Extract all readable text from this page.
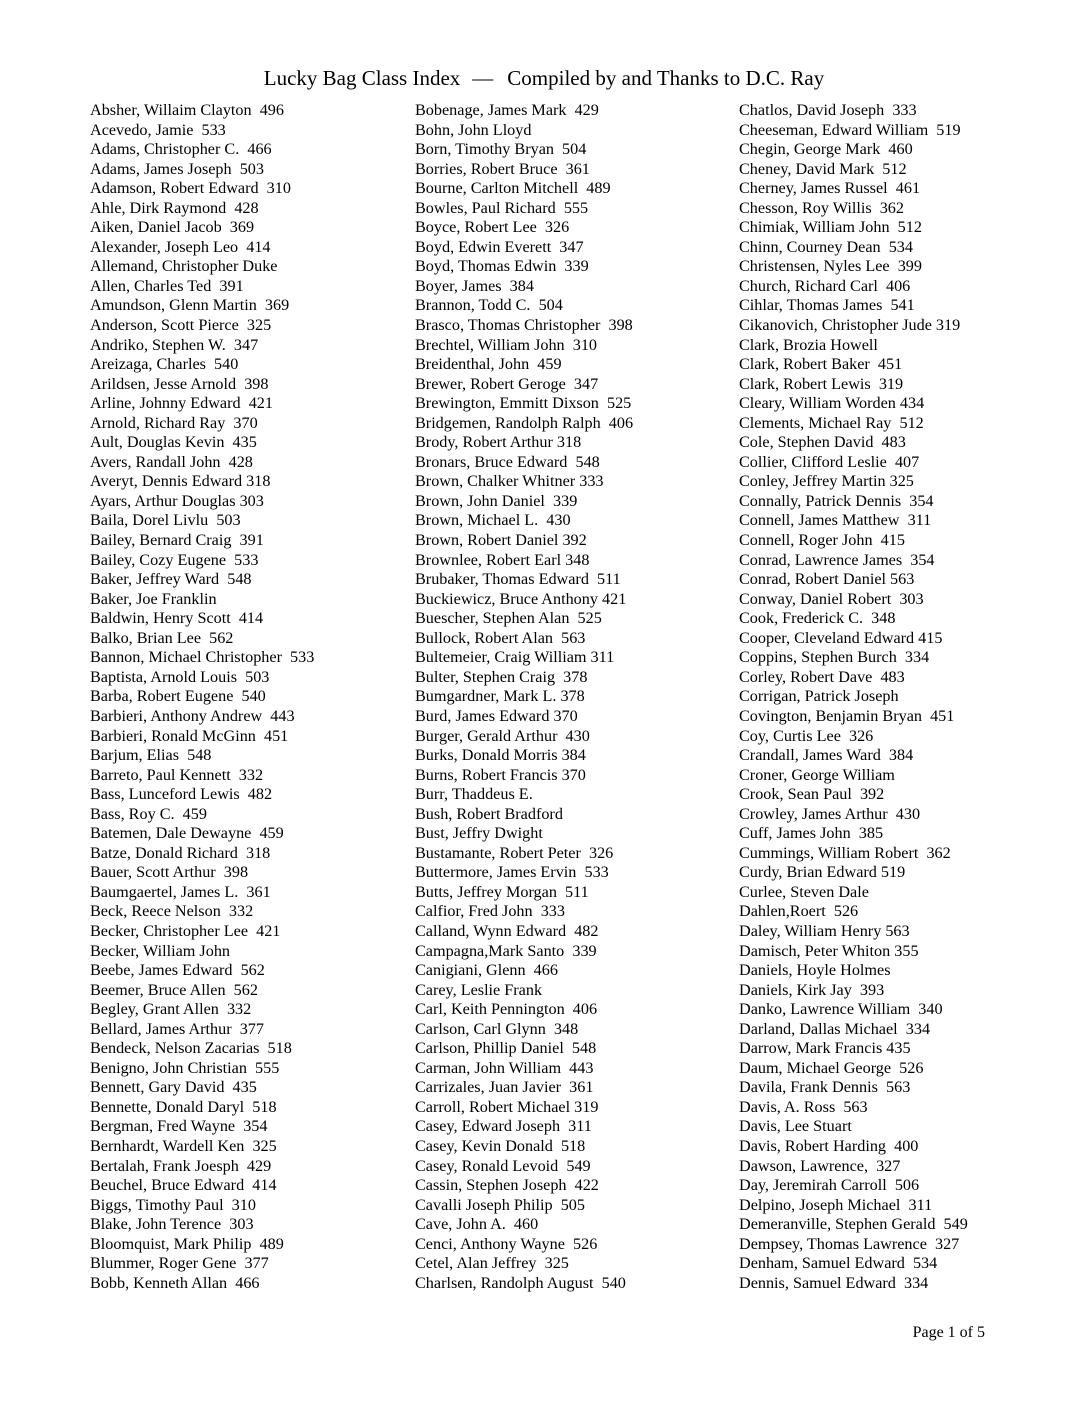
Lucky Bag Class Index — Compiled by and Thanks to D.C. Ray
Absher, Willaim Clayton  496
Acevedo, Jamie  533
Adams, Christopher C.  466
Adams, James Joseph  503
Adamson, Robert Edward  310
Ahle, Dirk Raymond  428
Aiken, Daniel Jacob  369
Alexander, Joseph Leo  414
Allemand, Christopher Duke
Allen, Charles Ted  391
Amundson, Glenn Martin  369
Anderson, Scott Pierce  325
Andriko, Stephen W.  347
Areizaga, Charles  540
Arildsen, Jesse Arnold  398
Arline, Johnny Edward  421
Arnold, Richard Ray  370
Ault, Douglas Kevin  435
Avers, Randall John  428
Averyt, Dennis Edward 318
Ayars, Arthur Douglas 303
Baila, Dorel Livlu  503
Bailey, Bernard Craig  391
Bailey, Cozy Eugene  533
Baker, Jeffrey Ward  548
Baker, Joe Franklin
Baldwin, Henry Scott  414
Balko, Brian Lee  562
Bannon, Michael Christopher  533
Baptista, Arnold Louis  503
Barba, Robert Eugene  540
Barbieri, Anthony Andrew  443
Barbieri, Ronald McGinn  451
Barjum, Elias  548
Barreto, Paul Kennett  332
Bass, Lunceford Lewis  482
Bass, Roy C.  459
Batemen, Dale Dewayne  459
Batze, Donald Richard  318
Bauer, Scott Arthur  398
Baumgaertel, James L.  361
Beck, Reece Nelson  332
Becker, Christopher Lee  421
Becker, William John
Beebe, James Edward  562
Beemer, Bruce Allen  562
Begley, Grant Allen  332
Bellard, James Arthur  377
Bendeck, Nelson Zacarias  518
Benigno, John Christian  555
Bennett, Gary David  435
Bennette, Donald Daryl  518
Bergman, Fred Wayne  354
Bernhardt, Wardell Ken  325
Bertalah, Frank Joesph  429
Beuchel, Bruce Edward  414
Biggs, Timothy Paul  310
Blake, John Terence  303
Bloomquist, Mark Philip  489
Blummer, Roger Gene  377
Bobb, Kenneth Allan  466
Bobenage, James Mark  429
Bohn, John Lloyd
Born, Timothy Bryan  504
Borries, Robert Bruce  361
Bourne, Carlton Mitchell  489
Bowles, Paul Richard  555
Boyce, Robert Lee  326
Boyd, Edwin Everett  347
Boyd, Thomas Edwin  339
Boyer, James  384
Brannon, Todd C.  504
Brasco, Thomas Christopher  398
Brechtel, William John  310
Breidenthal, John  459
Brewer, Robert Geroge  347
Brewington, Emmitt Dixson  525
Bridgemen, Randolph Ralph  406
Brody, Robert Arthur 318
Bronars, Bruce Edward  548
Brown, Chalker Whitner 333
Brown, John Daniel  339
Brown, Michael L.  430
Brown, Robert Daniel 392
Brownlee, Robert Earl 348
Brubaker, Thomas Edward  511
Buckiewicz, Bruce Anthony 421
Buescher, Stephen Alan  525
Bullock, Robert Alan  563
Bultemeier, Craig William 311
Bulter, Stephen Craig  378
Bumgardner, Mark L. 378
Burd, James Edward 370
Burger, Gerald Arthur  430
Burks, Donald Morris 384
Burns, Robert Francis 370
Burr, Thaddeus E.
Bush, Robert Bradford
Bust, Jeffry Dwight
Bustamante, Robert Peter  326
Buttermore, James Ervin  533
Butts, Jeffrey Morgan  511
Calfior, Fred John  333
Calland, Wynn Edward  482
Campagna,Mark Santo  339
Canigiani, Glenn  466
Carey, Leslie Frank
Carl, Keith Pennington  406
Carlson, Carl Glynn  348
Carlson, Phillip Daniel  548
Carman, John William  443
Carrizales, Juan Javier  361
Carroll, Robert Michael 319
Casey, Edward Joseph  311
Casey, Kevin Donald  518
Casey, Ronald Levoid  549
Cassin, Stephen Joseph  422
Cavalli Joseph Philip  505
Cave, John A.  460
Cenci, Anthony Wayne  526
Cetel, Alan Jeffrey  325
Charlsen, Randolph August  540
Chatlos, David Joseph  333
Cheeseman, Edward William  519
Chegin, George Mark  460
Cheney, David Mark  512
Cherney, James Russel  461
Chesson, Roy Willis  362
Chimiak, William John  512
Chinn, Courney Dean  534
Christensen, Nyles Lee  399
Church, Richard Carl  406
Cihlar, Thomas James  541
Cikanovich, Christopher Jude 319
Clark, Brozia Howell
Clark, Robert Baker  451
Clark, Robert Lewis  319
Cleary, William Worden 434
Clements, Michael Ray  512
Cole, Stephen David  483
Collier, Clifford Leslie  407
Conley, Jeffrey Martin 325
Connally, Patrick Dennis  354
Connell, James Matthew  311
Connell, Roger John  415
Conrad, Lawrence James  354
Conrad, Robert Daniel 563
Conway, Daniel Robert  303
Cook, Frederick C.  348
Cooper, Cleveland Edward 415
Coppins, Stephen Burch  334
Corley, Robert Dave  483
Corrigan, Patrick Joseph
Covington, Benjamin Bryan  451
Coy, Curtis Lee  326
Crandall, James Ward  384
Croner, George William
Crook, Sean Paul  392
Crowley, James Arthur  430
Cuff, James John  385
Cummings, William Robert  362
Curdy, Brian Edward 519
Curlee, Steven Dale
Dahlen,Roert  526
Daley, William Henry 563
Damisch, Peter Whiton 355
Daniels, Hoyle Holmes
Daniels, Kirk Jay  393
Danko, Lawrence William  340
Darland, Dallas Michael  334
Darrow, Mark Francis 435
Daum, Michael George  526
Davila, Frank Dennis  563
Davis, A. Ross  563
Davis, Lee Stuart
Davis, Robert Harding  400
Dawson, Lawrence,  327
Day, Jeremirah Carroll  506
Delpino, Joseph Michael  311
Demeranville, Stephen Gerald  549
Dempsey, Thomas Lawrence  327
Denham, Samuel Edward  534
Dennis, Samuel Edward  334
Page 1 of 5
